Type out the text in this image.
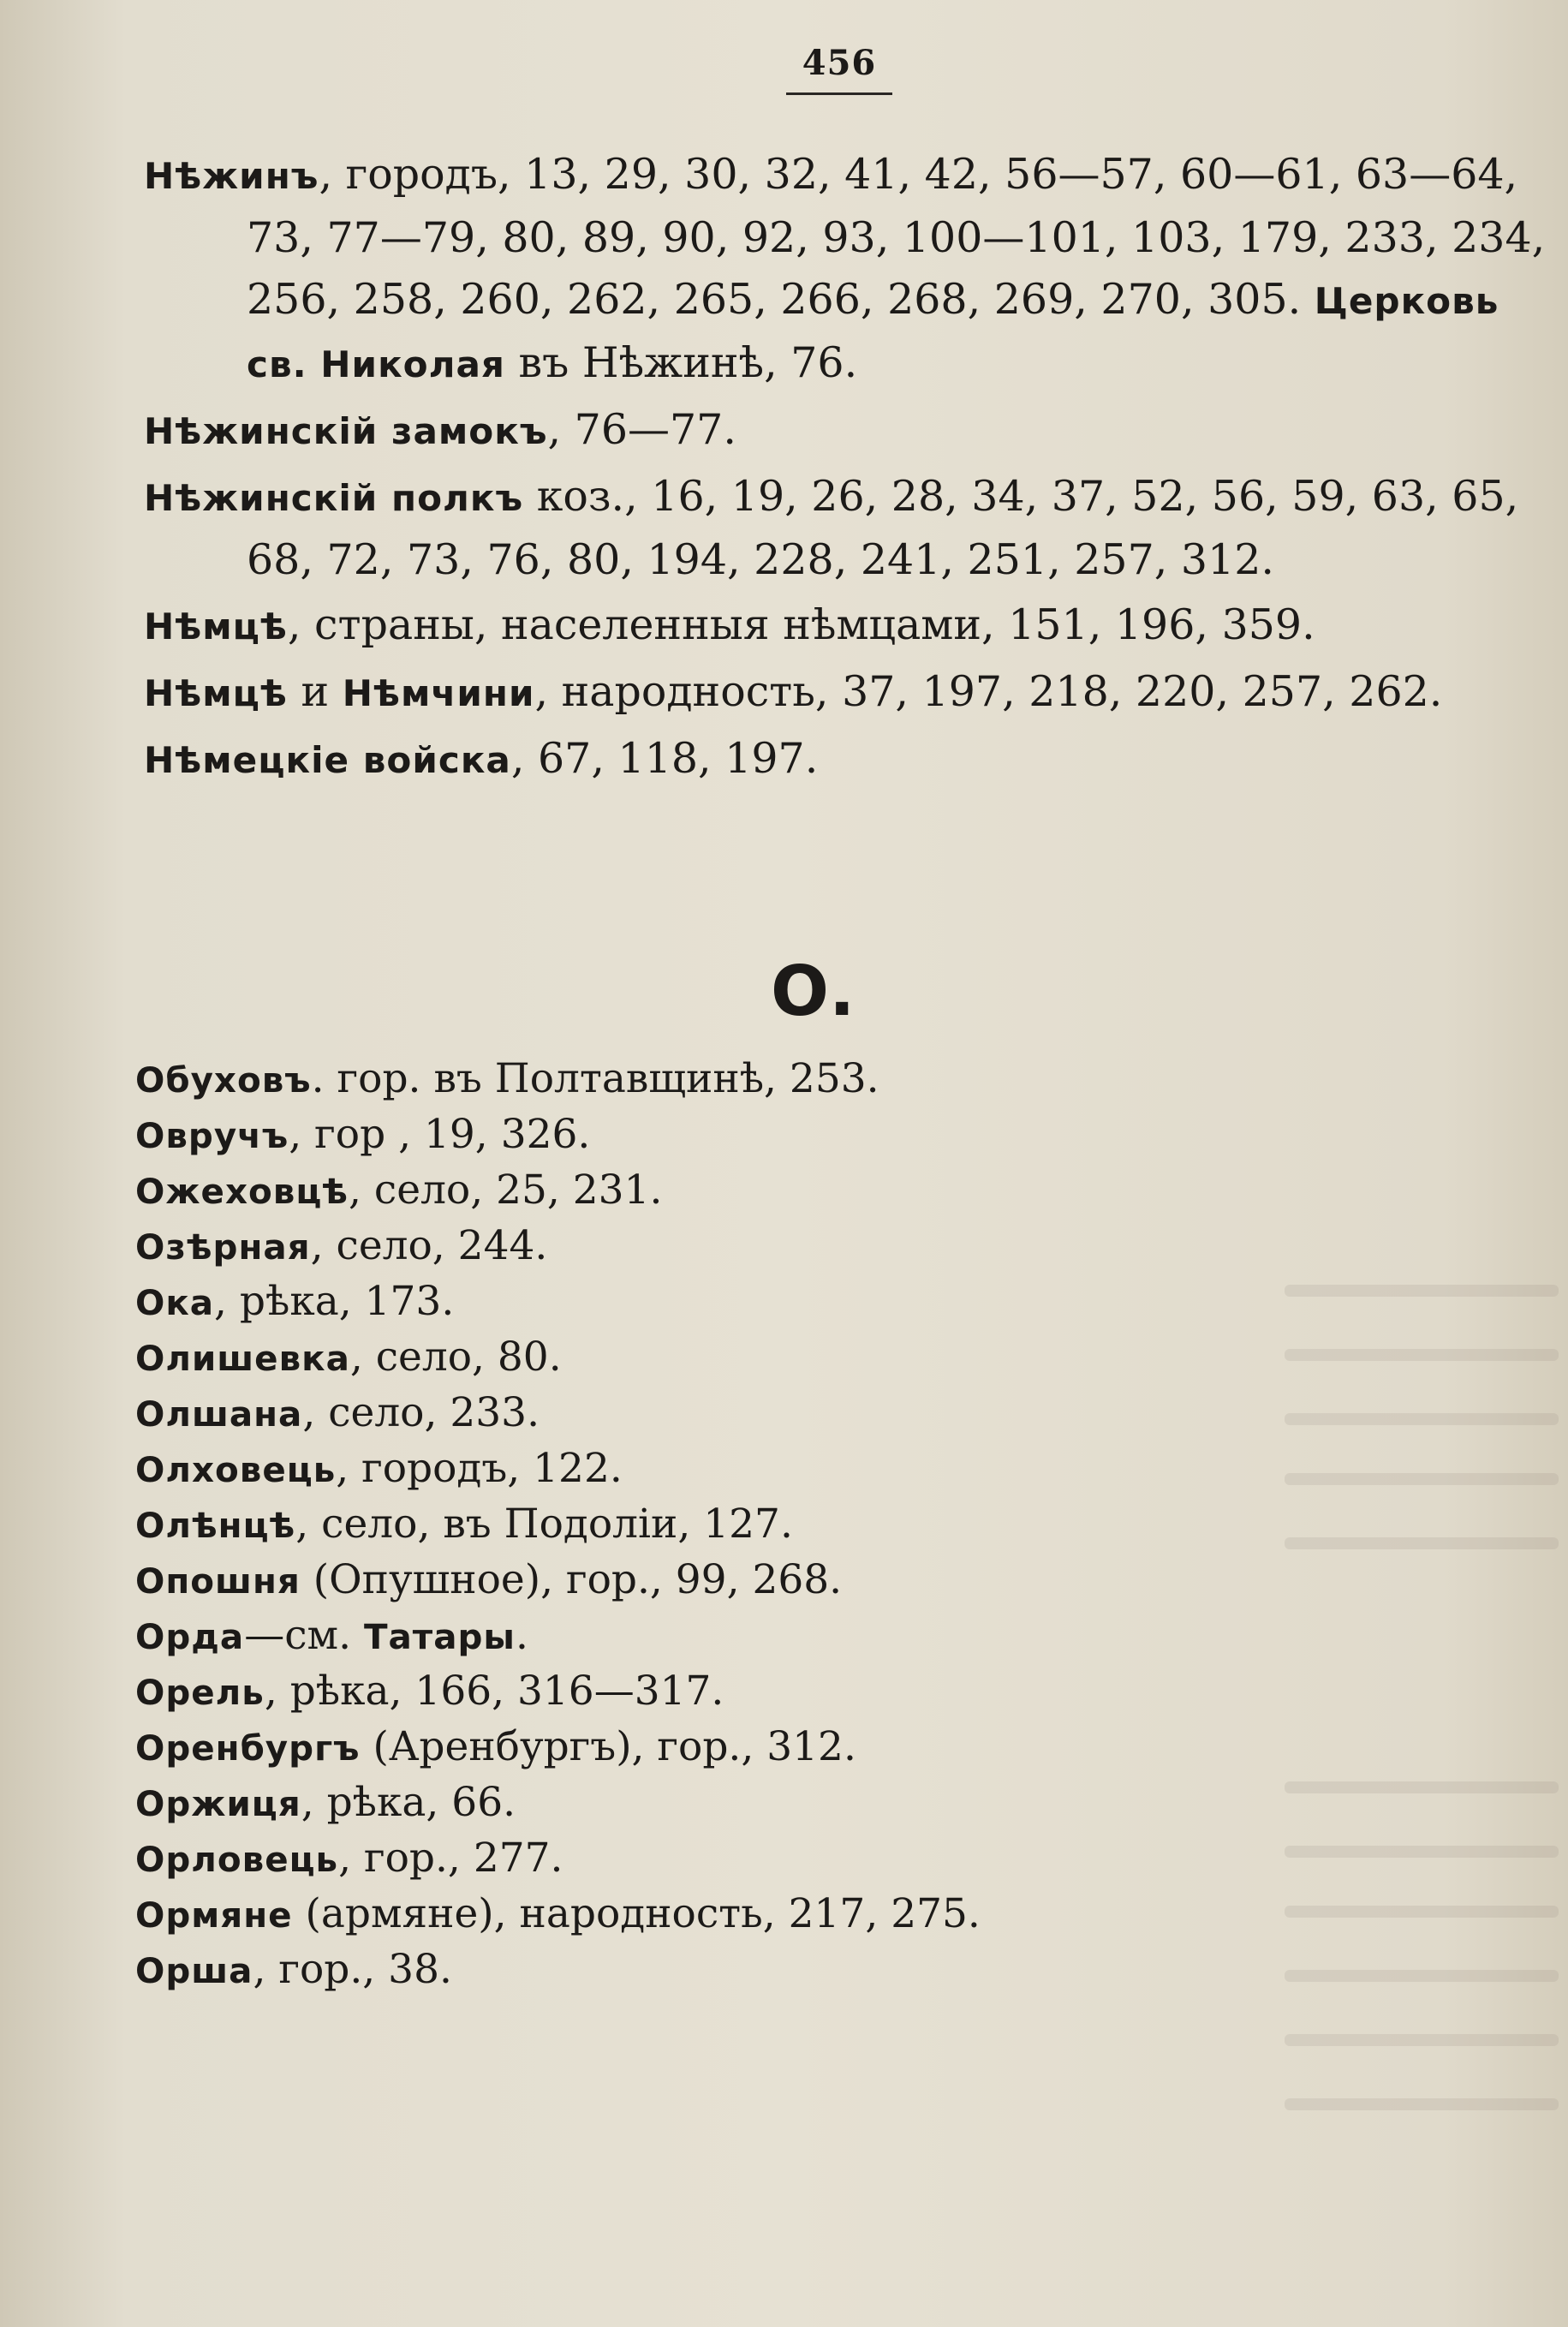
456
Нѣжинъ, городъ, 13, 29, 30, 32, 41, 42, 56—57, 60—61, 63—64, 73, 77—79, 80, 89, 90, 92, 93, 100—101, 103, 179, 233, 234, 256, 258, 260, 262, 265, 266, 268, 269, 270, 305. Церковь св. Николая въ Нѣжинѣ, 76.
Нѣжинскій замокъ, 76—77.
Нѣжинскій полкъ коз., 16, 19, 26, 28, 34, 37, 52, 56, 59, 63, 65, 68, 72, 73, 76, 80, 194, 228, 241, 251, 257, 312.
Нѣмцѣ, страны, населенныя нѣмцами, 151, 196, 359.
Нѣмцѣ и Нѣмчини, народность, 37, 197, 218, 220, 257, 262.
Нѣмецкіе войска, 67, 118, 197.
О.
Обуховъ. гор. въ Полтавщинѣ, 253.
Овручъ, гор , 19, 326.
Ожеховцѣ, село, 25, 231.
Озѣрная, село, 244.
Ока, рѣка, 173.
Олишевка, село, 80.
Олшана, село, 233.
Олховець, городъ, 122.
Олѣнцѣ, село, въ Подоліи, 127.
Опошня (Опушное), гор., 99, 268.
Орда—см. Татары.
Орель, рѣка, 166, 316—317.
Оренбургъ (Аренбургъ), гор., 312.
Оржиця, рѣка, 66.
Орловець, гор., 277.
Ормяне (армяне), народность, 217, 275.
Орша, гор., 38.
